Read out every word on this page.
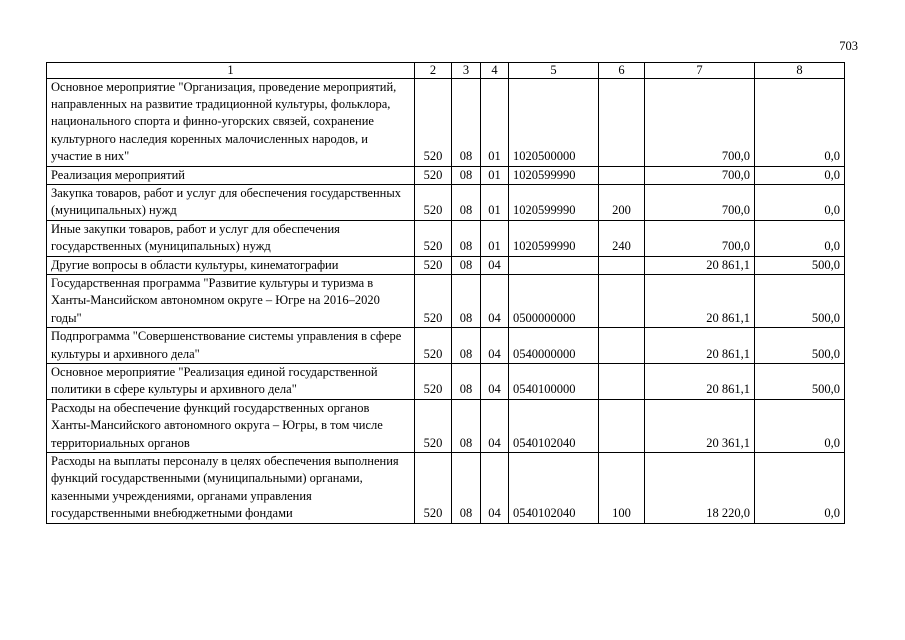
703
1	2	3	4	5	6	7	8
Основное мероприятие "Организация, проведение мероприятий, направленных на развитие традиционной культуры, фольклора, национального спорта и финно-угорских связей, сохранение культурного наследия коренных малочисленных народов, и участие в них"	520	08	01	1020500000		700,0	0,0
Реализация мероприятий	520	08	01	1020599990		700,0	0,0
Закупка товаров, работ и услуг для обеспечения государственных (муниципальных) нужд	520	08	01	1020599990	200	700,0	0,0
Иные закупки товаров, работ и услуг для обеспечения государственных (муниципальных) нужд	520	08	01	1020599990	240	700,0	0,0
Другие вопросы в области культуры, кинематографии	520	08	04			20 861,1	500,0
Государственная программа "Развитие культуры и туризма в Ханты-Мансийском автономном округе – Югре на 2016–2020 годы"	520	08	04	0500000000		20 861,1	500,0
Подпрограмма "Совершенствование системы управления в сфере культуры и архивного дела"	520	08	04	0540000000		20 861,1	500,0
Основное мероприятие "Реализация единой государственной политики в сфере культуры и архивного дела"	520	08	04	0540100000		20 861,1	500,0
Расходы на обеспечение функций государственных органов Ханты-Мансийского автономного округа – Югры, в том числе территориальных органов	520	08	04	0540102040		20 361,1	0,0
Расходы на выплаты персоналу в целях обеспечения выполнения функций государственными (муниципальными) органами, казенными учреждениями, органами управления государственными внебюджетными фондами	520	08	04	0540102040	100	18 220,0	0,0
